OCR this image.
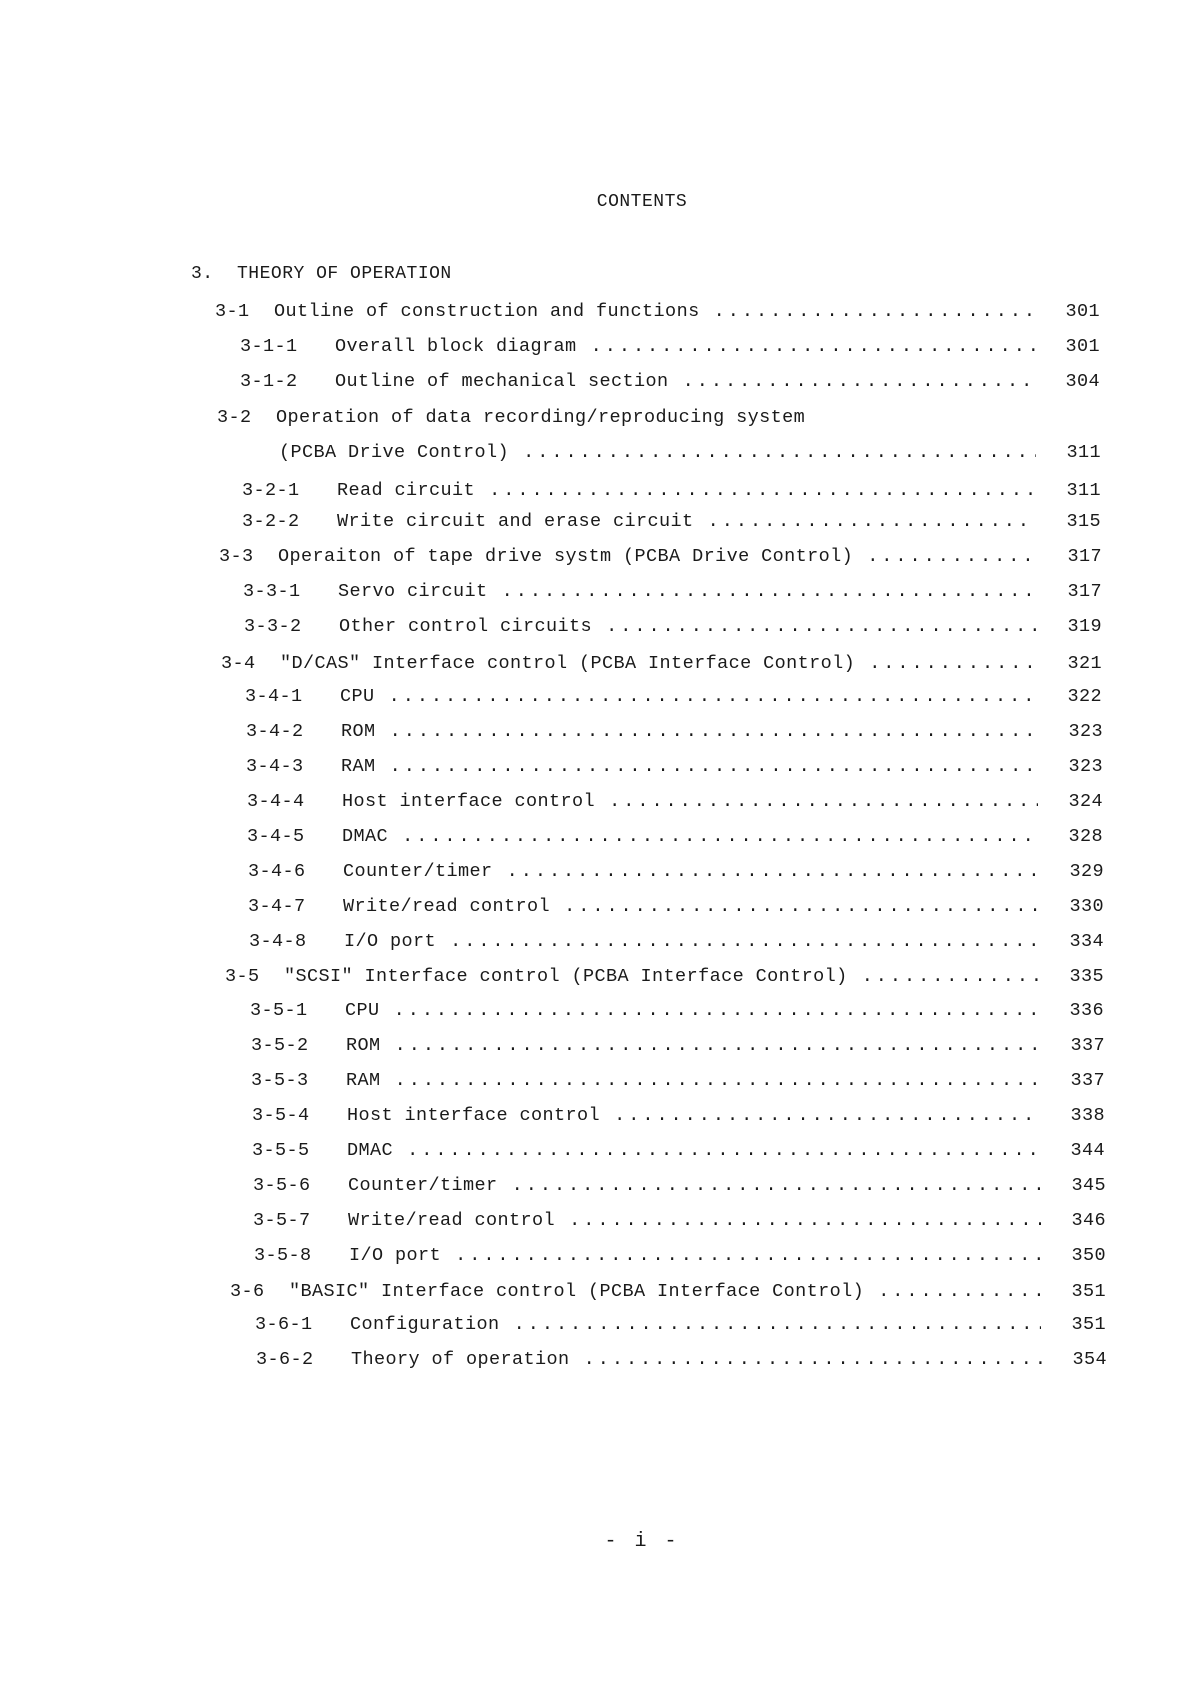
CONTENTS
3. THEORY OF OPERATION
3-1 Outline of construction and functions .....	301
3-1-1 Overall block diagram .....	301
3-1-2 Outline of mechanical section .....	304
3-2 Operation of data recording/reproducing system
(PCBA Drive Control) .....	311
3-2-1 Read circuit .....	311
3-2-2 Write circuit and erase circuit .....	315
3-3 Operaiton of tape drive systm (PCBA Drive Control) .....	317
3-3-1 Servo circuit .....	317
3-3-2 Other control circuits .....	319
3-4 "D/CAS" Interface control (PCBA Interface Control) .....	321
3-4-1 CPU .....	322
3-4-2 ROM .....	323
3-4-3 RAM .....	323
3-4-4 Host interface control .....	324
3-4-5 DMAC .....	328
3-4-6 Counter/timer .....	329
3-4-7 Write/read control .....	330
3-4-8 I/O port .....	334
3-5 "SCSI" Interface control (PCBA Interface Control) .....	335
3-5-1 CPU .....	336
3-5-2 ROM .....	337
3-5-3 RAM .....	337
3-5-4 Host interface control .....	338
3-5-5 DMAC .....	344
3-5-6 Counter/timer .....	345
3-5-7 Write/read control .....	346
3-5-8 I/O port .....	350
3-6 "BASIC" Interface control (PCBA Interface Control) .....	351
3-6-1 Configuration .....	351
3-6-2 Theory of operation .....	354
- i -
